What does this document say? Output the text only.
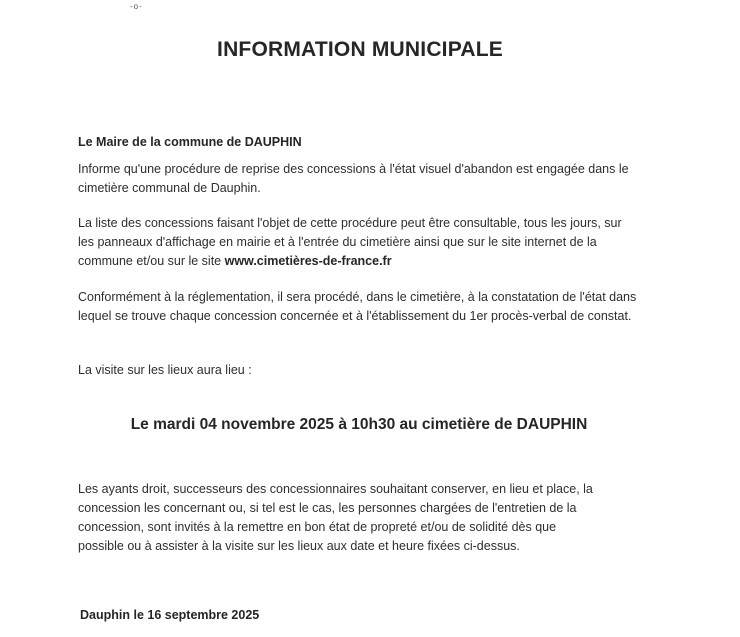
-o-
INFORMATION MUNICIPALE
Le Maire de la commune de DAUPHIN
Informe qu'une procédure de reprise des concessions à l'état visuel d'abandon est engagée dans le cimetière communal de Dauphin.
La liste des concessions faisant l'objet de cette procédure peut être consultable, tous les jours, sur les panneaux d'affichage en mairie et à l'entrée du cimetière ainsi que sur le site internet de la commune et/ou sur le site www.cimetières-de-france.fr
Conformément à la réglementation, il sera procédé, dans le cimetière, à la constatation de l'état dans lequel se trouve chaque concession concernée et à l'établissement du 1er procès-verbal de constat.
La visite sur les lieux aura lieu :
Le mardi 04 novembre 2025 à 10h30 au cimetière de DAUPHIN
Les ayants droit, successeurs des concessionnaires souhaitant conserver, en lieu et place, la concession les concernant ou, si tel est le cas, les personnes chargées de l'entretien de la concession, sont invités à la remettre en bon état de propreté et/ou de solidité dès que possible ou à assister à la visite sur les lieux aux date et heure fixées ci-dessus.
Dauphin le 16 septembre 2025
